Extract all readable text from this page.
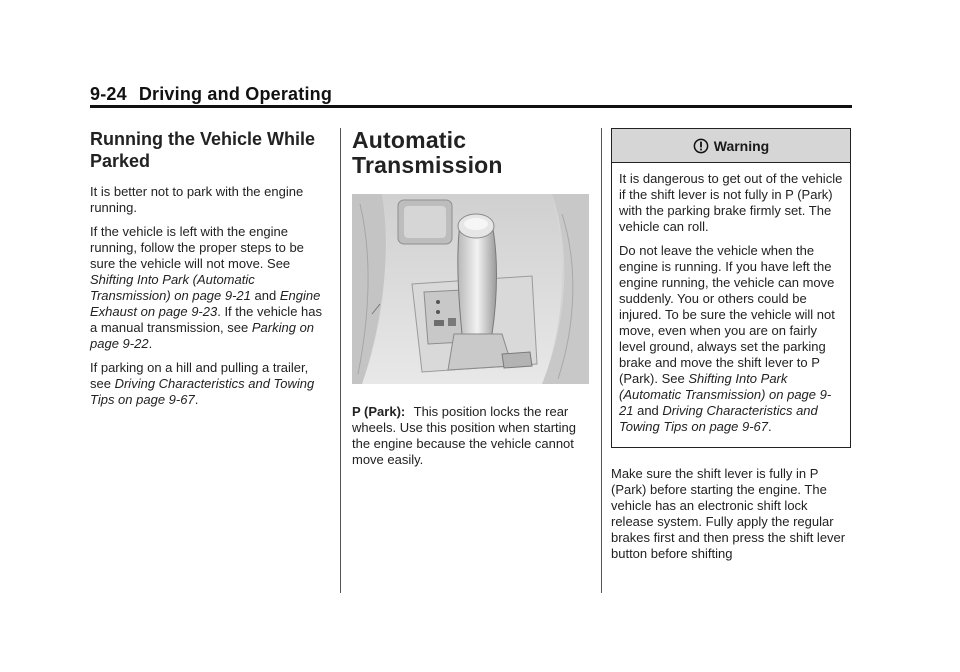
9-24 Driving and Operating
Running the Vehicle While Parked

It is better not to park with the engine running.

If the vehicle is left with the engine running, follow the proper steps to be sure the vehicle will not move. See Shifting Into Park (Automatic Transmission) on page 9-21 and Engine Exhaust on page 9-23. If the vehicle has a manual transmission, see Parking on page 9-22.

If parking on a hill and pulling a trailer, see Driving Characteristics and Towing Tips on page 9-67.

Automatic Transmission

P (Park): This position locks the rear wheels. Use this position when starting the engine because the vehicle cannot move easily.

Warning

It is dangerous to get out of the vehicle if the shift lever is not fully in P (Park) with the parking brake firmly set. The vehicle can roll.

Do not leave the vehicle when the engine is running. If you have left the engine running, the vehicle can move suddenly. You or others could be injured. To be sure the vehicle will not move, even when you are on fairly level ground, always set the parking brake and move the shift lever to P (Park). See Shifting Into Park (Automatic Transmission) on page 9-21 and Driving Characteristics and Towing Tips on page 9-67.

Make sure the shift lever is fully in P (Park) before starting the engine. The vehicle has an electronic shift lock release system. Fully apply the regular brakes first and then press the shift lever button before shifting
